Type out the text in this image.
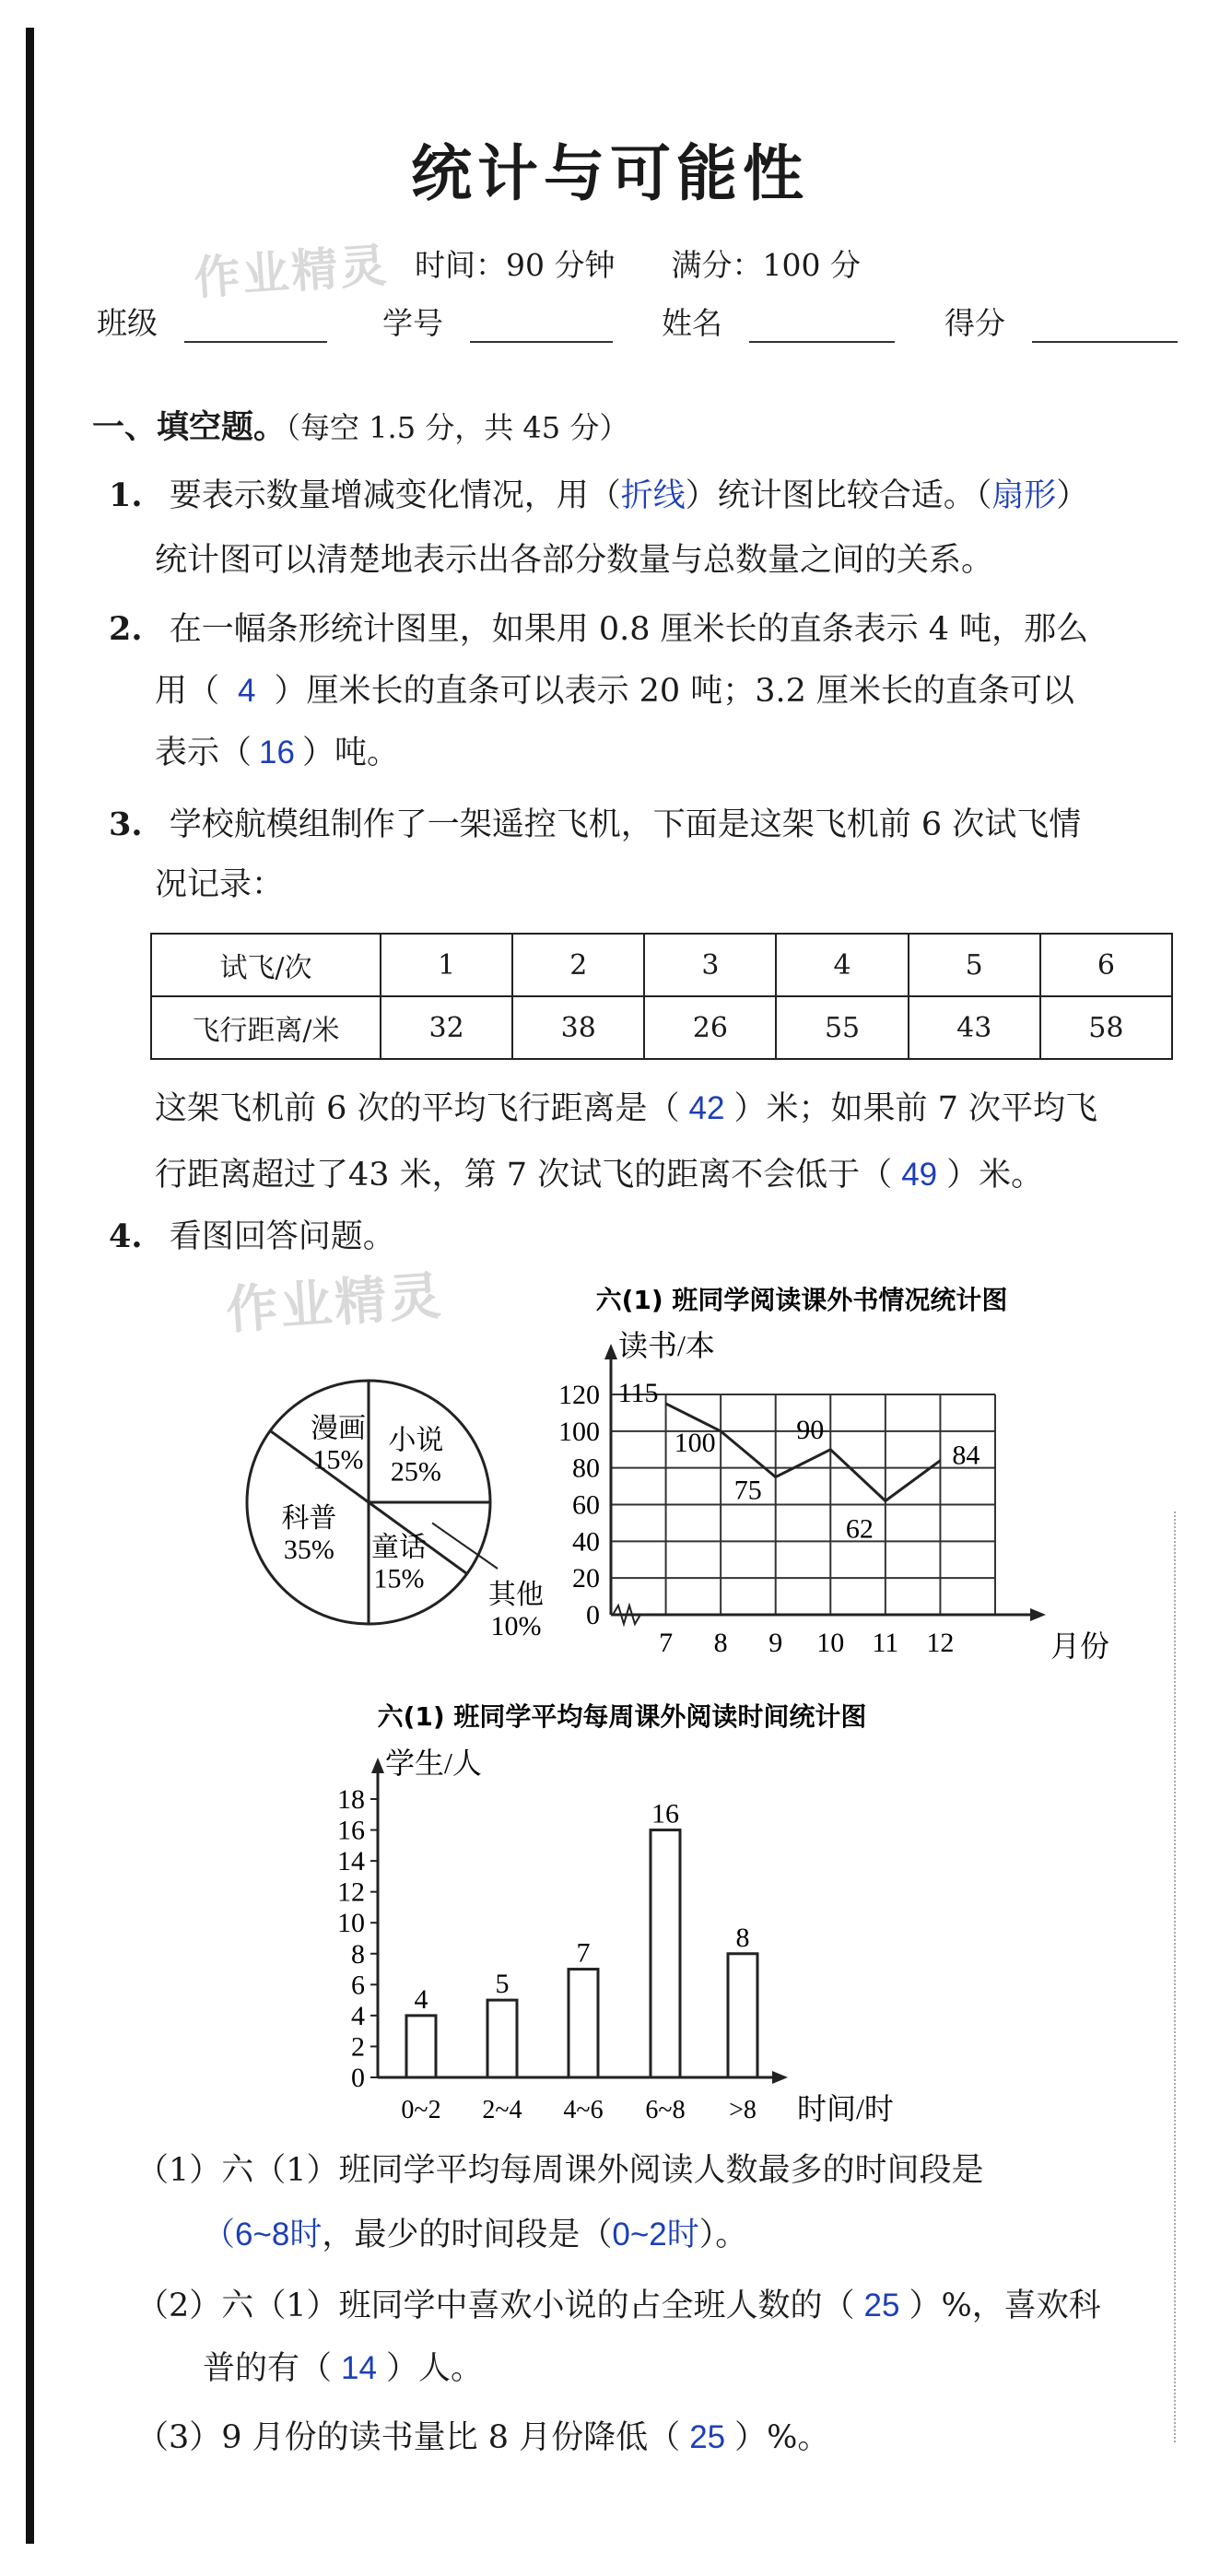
统计与可能性
作业精灵 时间：90 分钟 满分：100 分
班级	学号	姓名	得分
一、填空题。（每空 1.5 分，共 45 分）
1. 要表示数量增减变化情况，用（折线）统计图比较合适。（扇形）
统计图可以清楚地表示出各部分数量与总数量之间的关系。
2. 在一幅条形统计图里，如果用 0.8 厘米长的直条表示 4 吨，那么
用（ 4 ）厘米长的直条可以表示 20 吨；3.2 厘米长的直条可以
表示（ 16 ）吨。
3. 学校航模组制作了一架遥控飞机，下面是这架飞机前 6 次试飞情
况记录：
试飞/次	1	2	3	4	5	6
飞行距离/米	32	38	26	55	43	58
这架飞机前 6 次的平均飞行距离是（ 42 ）米；如果前 7 次平均飞
行距离超过了43 米，第 7 次试飞的距离不会低于（ 49 ）米。
4. 看图回答问题。
作业精灵	六(1) 班同学阅读课外书情况统计图
小说
25%
其他
10%
童话
15%
科普
35%
漫画
15%
读书/本
月份
0
20
40
60
80
100
120
7 8 9 10 11 12
115
100
75
90
62
84
六(1) 班同学平均每周课外阅读时间统计图
学生/人
时间/时
0
2
4
6
8
10
12
14
16
18
4
0~2
5
2~4
7
4~6
16
6~8
8
>8
（1）六（1）班同学平均每周课外阅读人数最多的时间段是
（6~8时，最少的时间段是（0~2时）。
（2）六（1）班同学中喜欢小说的占全班人数的（ 25 ）%，喜欢科
普的有（ 14 ）人。
（3）9 月份的读书量比 8 月份降低（ 25 ）%。
